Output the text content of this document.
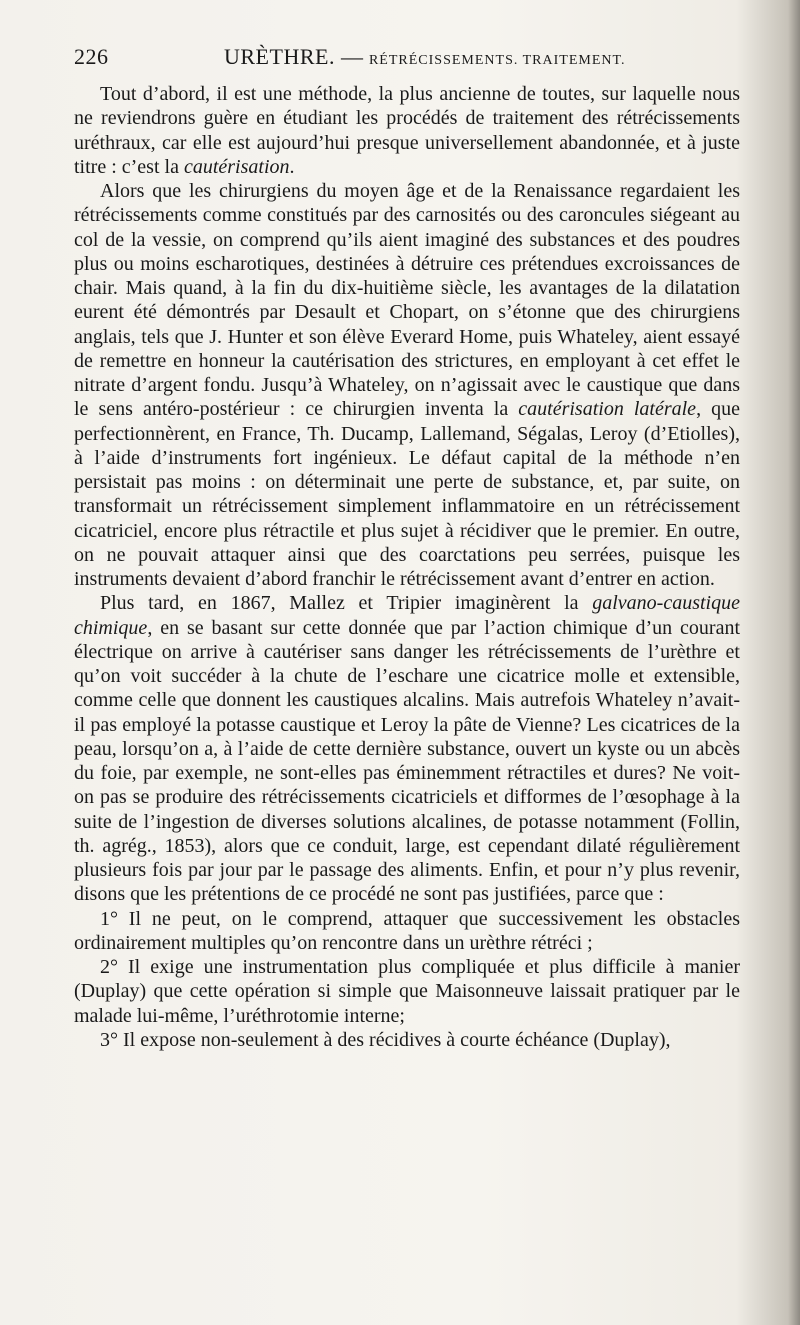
226	URÈTHRE. — RÉTRÉCISSEMENTS. TRAITEMENT.

Tout d’abord, il est une méthode, la plus ancienne de toutes, sur laquelle nous ne reviendrons guère en étudiant les procédés de traitement des rétrécissements uréthraux, car elle est aujourd’hui presque universellement abandonnée, et à juste titre : c’est la cautérisation.

Alors que les chirurgiens du moyen âge et de la Renaissance regardaient les rétrécissements comme constitués par des carnosités ou des caroncules siégeant au col de la vessie, on comprend qu’ils aient imaginé des substances et des poudres plus ou moins escharotiques, destinées à détruire ces prétendues excroissances de chair. Mais quand, à la fin du dix-huitième siècle, les avantages de la dilatation eurent été démontrés par Desault et Chopart, on s’étonne que des chirurgiens anglais, tels que J. Hunter et son élève Everard Home, puis Whateley, aient essayé de remettre en honneur la cautérisation des strictures, en employant à cet effet le nitrate d’argent fondu. Jusqu’à Whateley, on n’agissait avec le caustique que dans le sens antéro-postérieur : ce chirurgien inventa la cautérisation latérale, que perfectionnèrent, en France, Th. Ducamp, Lallemand, Ségalas, Leroy (d’Etiolles), à l’aide d’instruments fort ingénieux. Le défaut capital de la méthode n’en persistait pas moins : on déterminait une perte de substance, et, par suite, on transformait un rétrécissement simplement inflammatoire en un rétrécissement cicatriciel, encore plus rétractile et plus sujet à récidiver que le premier. En outre, on ne pouvait attaquer ainsi que des coarctations peu serrées, puisque les instruments devaient d’abord franchir le rétrécissement avant d’entrer en action.

Plus tard, en 1867, Mallez et Tripier imaginèrent la galvano-caustique chimique, en se basant sur cette donnée que par l’action chimique d’un courant électrique on arrive à cautériser sans danger les rétrécissements de l’urèthre et qu’on voit succéder à la chute de l’eschare une cicatrice molle et extensible, comme celle que donnent les caustiques alcalins. Mais autrefois Whateley n’avait-il pas employé la potasse caustique et Leroy la pâte de Vienne? Les cicatrices de la peau, lorsqu’on a, à l’aide de cette dernière substance, ouvert un kyste ou un abcès du foie, par exemple, ne sont-elles pas éminemment rétractiles et dures? Ne voit-on pas se produire des rétrécissements cicatriciels et difformes de l’œsophage à la suite de l’ingestion de diverses solutions alcalines, de potasse notamment (Follin, th. agrég., 1853), alors que ce conduit, large, est cependant dilaté régulièrement plusieurs fois par jour par le passage des aliments. Enfin, et pour n’y plus revenir, disons que les prétentions de ce procédé ne sont pas justifiées, parce que :

1° Il ne peut, on le comprend, attaquer que successivement les obstacles ordinairement multiples qu’on rencontre dans un urèthre rétréci ;

2° Il exige une instrumentation plus compliquée et plus difficile à manier (Duplay) que cette opération si simple que Maisonneuve laissait pratiquer par le malade lui-même, l’uréthrotomie interne;

3° Il expose non-seulement à des récidives à courte échéance (Duplay),
